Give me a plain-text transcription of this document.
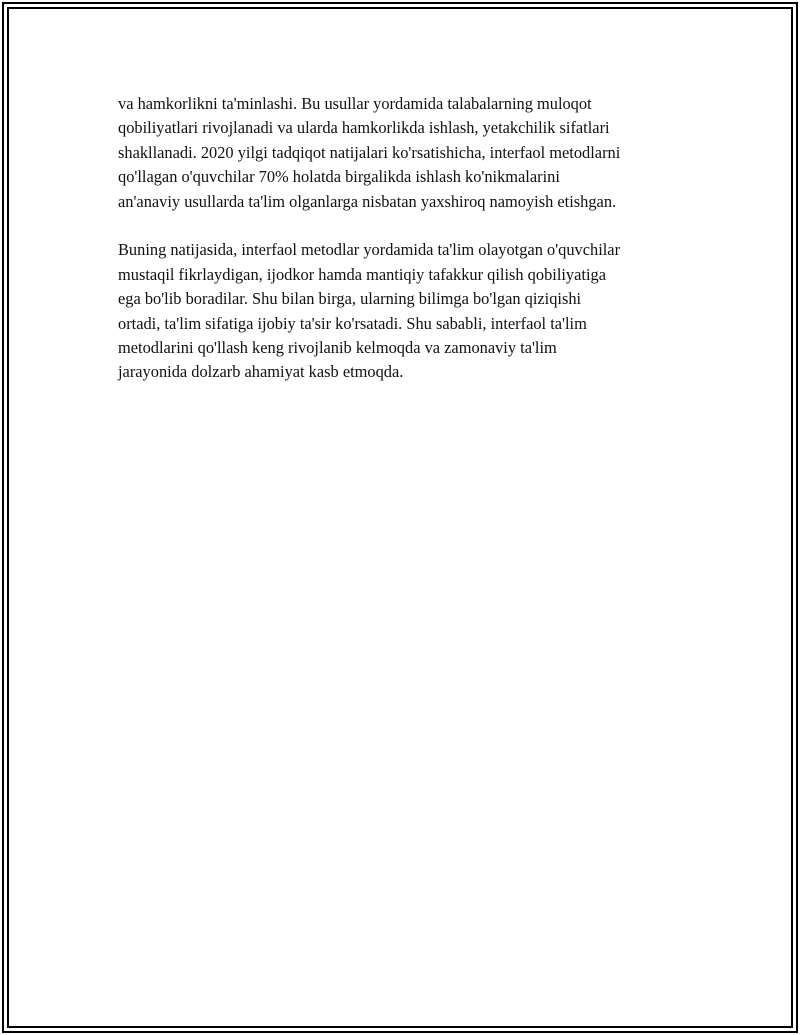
va hamkorlikni ta'minlashi. Bu usullar yordamida talabalarning muloqot
qobiliyatlari rivojlanadi va ularda hamkorlikda ishlash, yetakchilik sifatlari
shakllanadi. 2020 yilgi tadqiqot natijalari ko'rsatishicha, interfaol metodlarni
qo'llagan o'quvchilar 70% holatda birgalikda ishlash ko'nikmalarini
an'anaviy usullarda ta'lim olganlarga nisbatan yaxshiroq namoyish etishgan.
Buning natijasida, interfaol metodlar yordamida ta'lim olayotgan o'quvchilar
mustaqil fikrlaydigan, ijodkor hamda mantiqiy tafakkur qilish qobiliyatiga
ega bo'lib boradilar. Shu bilan birga, ularning bilimga bo'lgan qiziqishi
ortadi, ta'lim sifatiga ijobiy ta'sir ko'rsatadi. Shu sababli, interfaol ta'lim
metodlarini qo'llash keng rivojlanib kelmoqda va zamonaviy ta'lim
jarayonida dolzarb ahamiyat kasb etmoqda.
